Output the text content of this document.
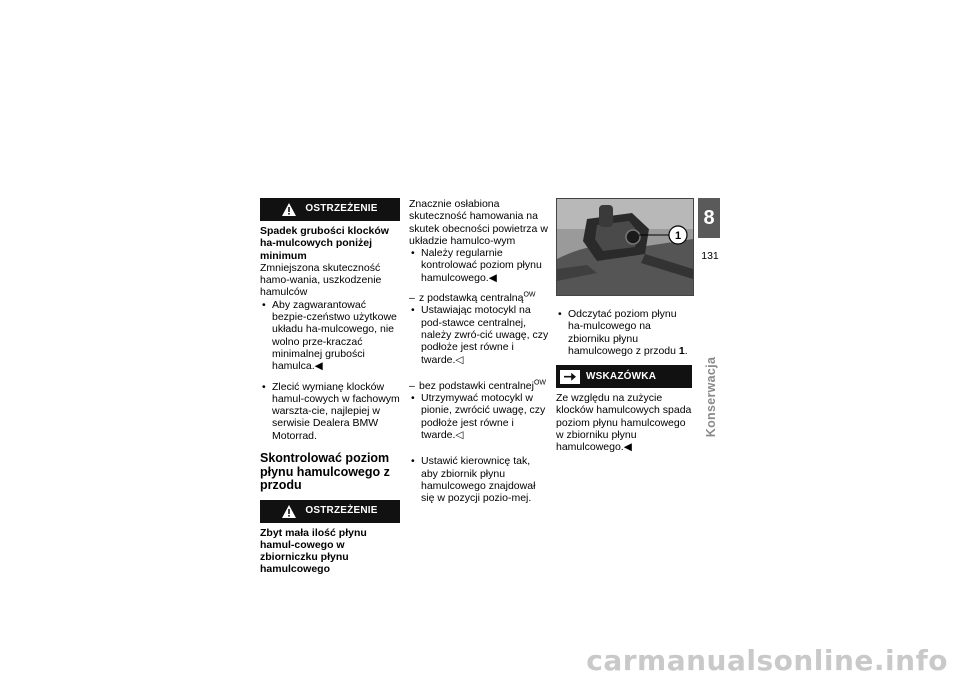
OSTRZEŻENIE

Spadek grubości klocków ha-mulcowych poniżej minimum

Zmniejszona skuteczność hamo-wania, uszkodzenie hamulców

• Aby zagwarantować bezpie-czeństwo użytkowe układu ha-mulcowego, nie wolno prze-kraczać minimalnej grubości hamulca.◀

• Zlecić wymianę klocków hamul-cowych w fachowym warszta-cie, najlepiej w serwisie Dealera BMW Motorrad.

Skontrolować poziom płynu hamulcowego z przodu

OSTRZEŻENIE

Zbyt mała ilość płynu hamul-cowego w zbiorniczku płynu hamulcowego

Znacznie osłabiona skuteczność hamowania na skutek obecności powietrza w układzie hamulco-wym

• Należy regularnie kontrolować poziom płynu hamulcowego.◀

– z podstawką centralną$^{OW}$

• Ustawiając motocykl na pod-stawce centralnej, należy zwró-cić uwagę, czy podłoże jest równe i twarde.◁

– bez podstawki centralnej$^{OW}$

• Utrzymywać motocykl w pionie, zwrócić uwagę, czy podłoże jest równe i twarde.◁

• Ustawić kierownicę tak, aby zbiornik płynu hamulcowego znajdował się w pozycji pozio-mej.

1

• Odczytać poziom płynu ha-mulcowego na zbiorniku płynu hamulcowego z przodu 1.

WSKAZÓWKA

Ze względu na zużycie klocków hamulcowych spada poziom płynu hamulcowego w zbiorniku płynu hamulcowego.◀

8
131
Konserwacja
carmanualsonline.info
